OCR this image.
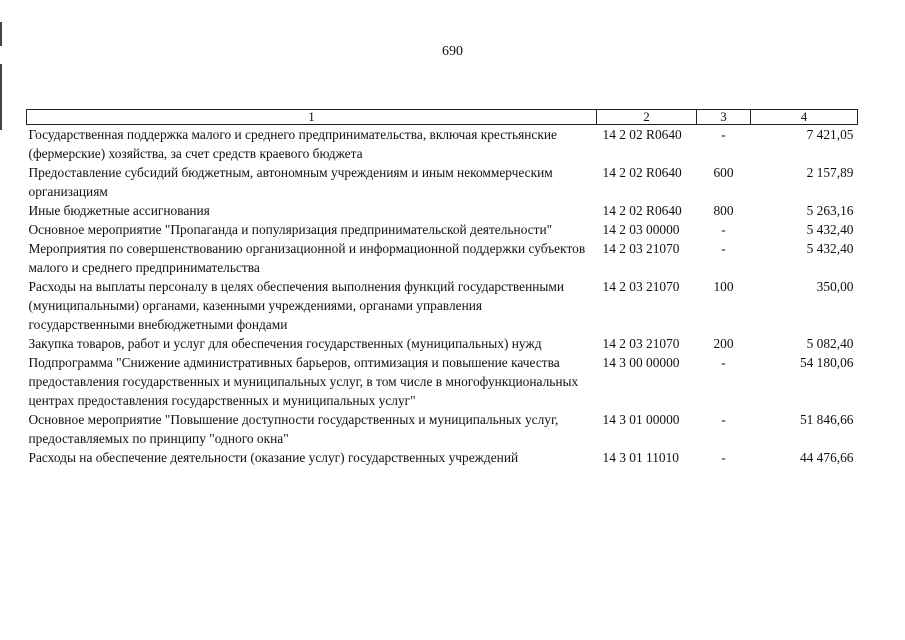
690
1	2	3	4
Государственная поддержка малого и среднего предпринимательства, включая крестьянские (фермерские) хозяйства, за счет средств краевого бюджета	14 2 02 R0640	-	7 421,05
Предоставление субсидий бюджетным, автономным учреждениям и иным некоммерческим организациям	14 2 02 R0640	600	2 157,89
Иные бюджетные ассигнования	14 2 02 R0640	800	5 263,16
Основное мероприятие "Пропаганда и популяризация предпринимательской деятельности"	14 2 03 00000	-	5 432,40
Мероприятия по совершенствованию организационной и информационной поддержки субъектов малого и среднего предпринимательства	14 2 03 21070	-	5 432,40
Расходы на выплаты персоналу в целях обеспечения выполнения функций государственными (муниципальными) органами, казенными учреждениями, органами управления государственными внебюджетными фондами	14 2 03 21070	100	350,00
Закупка товаров, работ и услуг для обеспечения государственных (муниципальных) нужд	14 2 03 21070	200	5 082,40
Подпрограмма "Снижение административных барьеров, оптимизация и повышение качества предоставления государственных и муниципальных услуг, в том числе в многофункциональных центрах предоставления государственных и муниципальных услуг"	14 3 00 00000	-	54 180,06
Основное мероприятие "Повышение доступности государственных и муниципальных услуг, предоставляемых по принципу "одного окна"	14 3 01 00000	-	51 846,66
Расходы на обеспечение деятельности (оказание услуг) государственных учреждений	14 3 01 11010	-	44 476,66
